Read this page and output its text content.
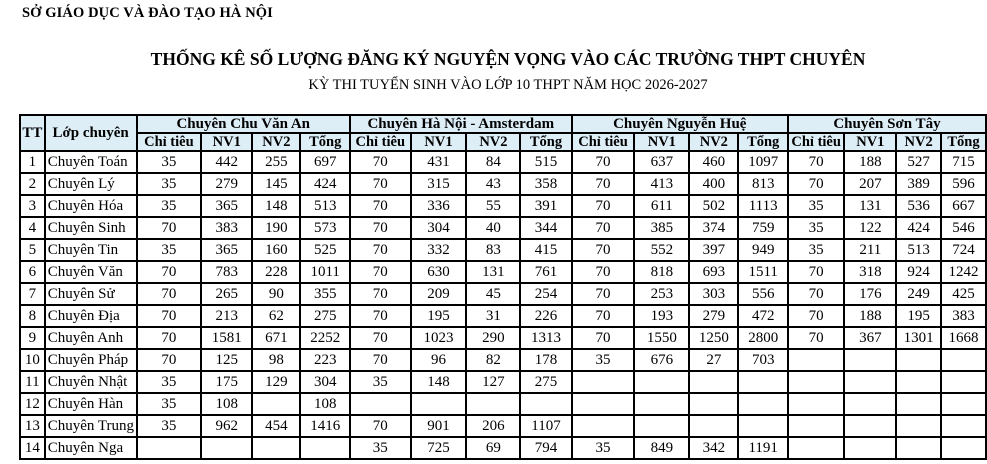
SỞ GIÁO DỤC VÀ ĐÀO TẠO HÀ NỘI
THỐNG KÊ SỐ LƯỢNG ĐĂNG KÝ NGUYỆN VỌNG VÀO CÁC TRƯỜNG THPT CHUYÊN
KỲ THI TUYỂN SINH VÀO LỚP 10 THPT NĂM HỌC 2026-2027
TT	Lớp chuyên	Chuyên Chu Văn An				Chuyên Hà Nội - Amsterdam				Chuyên Nguyễn Huệ				Chuyên Sơn Tây			
		Chỉ tiêu	NV1	NV2	Tổng	Chỉ tiêu	NV1	NV2	Tổng	Chỉ tiêu	NV1	NV2	Tổng	Chỉ tiêu	NV1	NV2	Tổng
1	Chuyên Toán	35	442	255	697	70	431	84	515	70	637	460	1097	70	188	527	715
2	Chuyên Lý	35	279	145	424	70	315	43	358	70	413	400	813	70	207	389	596
3	Chuyên Hóa	35	365	148	513	70	336	55	391	70	611	502	1113	35	131	536	667
4	Chuyên Sinh	70	383	190	573	70	304	40	344	70	385	374	759	35	122	424	546
5	Chuyên Tin	35	365	160	525	70	332	83	415	70	552	397	949	35	211	513	724
6	Chuyên Văn	70	783	228	1011	70	630	131	761	70	818	693	1511	70	318	924	1242
7	Chuyên Sử	70	265	90	355	70	209	45	254	70	253	303	556	70	176	249	425
8	Chuyên Địa	70	213	62	275	70	195	31	226	70	193	279	472	70	188	195	383
9	Chuyên Anh	70	1581	671	2252	70	1023	290	1313	70	1550	1250	2800	70	367	1301	1668
10	Chuyên Pháp	70	125	98	223	70	96	82	178	35	676	27	703				
11	Chuyên Nhật	35	175	129	304	35	148	127	275								
12	Chuyên Hàn	35	108		108												
13	Chuyên Trung	35	962	454	1416	70	901	206	1107								
14	Chuyên Nga					35	725	69	794	35	849	342	1191				
